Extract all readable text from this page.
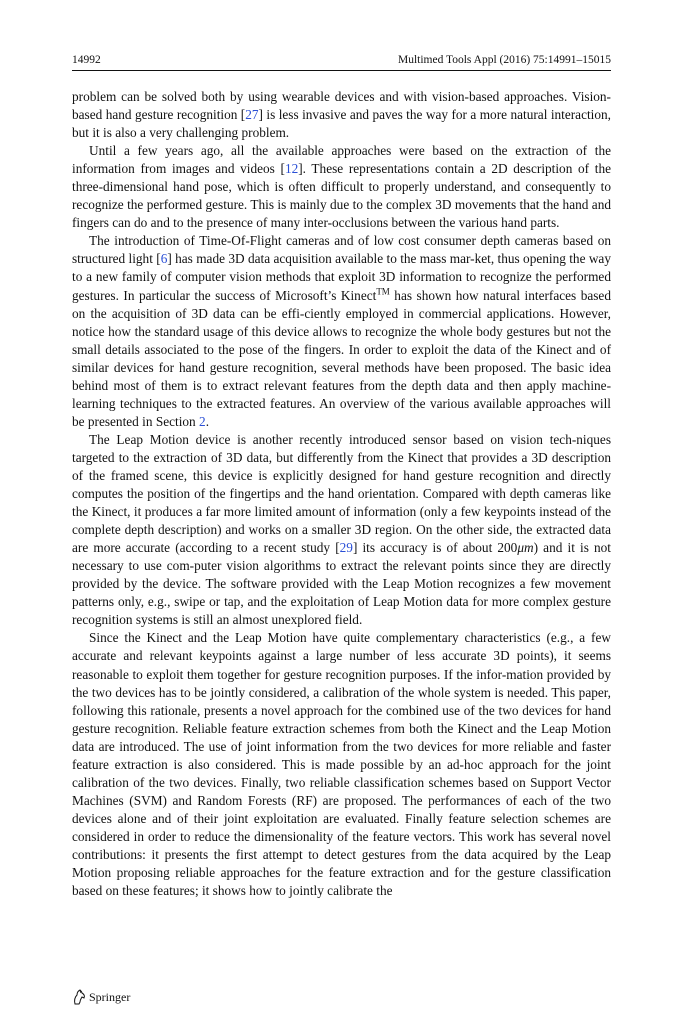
14992	Multimed Tools Appl (2016) 75:14991–15015

problem can be solved both by using wearable devices and with vision-based approaches. Vision-based hand gesture recognition [27] is less invasive and paves the way for a more natural interaction, but it is also a very challenging problem.

Until a few years ago, all the available approaches were based on the extraction of the information from images and videos [12]. These representations contain a 2D description of the three-dimensional hand pose, which is often difficult to properly understand, and consequently to recognize the performed gesture. This is mainly due to the complex 3D movements that the hand and fingers can do and to the presence of many inter-occlusions between the various hand parts.

The introduction of Time-Of-Flight cameras and of low cost consumer depth cameras based on structured light [6] has made 3D data acquisition available to the mass mar-ket, thus opening the way to a new family of computer vision methods that exploit 3D information to recognize the performed gestures. In particular the success of Microsoft’s Kinect™ has shown how natural interfaces based on the acquisition of 3D data can be effi-ciently employed in commercial applications. However, notice how the standard usage of this device allows to recognize the whole body gestures but not the small details associated to the pose of the fingers. In order to exploit the data of the Kinect and of similar devices for hand gesture recognition, several methods have been proposed. The basic idea behind most of them is to extract relevant features from the depth data and then apply machine-learning techniques to the extracted features. An overview of the various available approaches will be presented in Section 2.

The Leap Motion device is another recently introduced sensor based on vision tech-niques targeted to the extraction of 3D data, but differently from the Kinect that provides a 3D description of the framed scene, this device is explicitly designed for hand gesture recognition and directly computes the position of the fingertips and the hand orientation. Compared with depth cameras like the Kinect, it produces a far more limited amount of information (only a few keypoints instead of the complete depth description) and works on a smaller 3D region. On the other side, the extracted data are more accurate (according to a recent study [29] its accuracy is of about 200μm) and it is not necessary to use com-puter vision algorithms to extract the relevant points since they are directly provided by the device. The software provided with the Leap Motion recognizes a few movement patterns only, e.g., swipe or tap, and the exploitation of Leap Motion data for more complex gesture recognition systems is still an almost unexplored field.

Since the Kinect and the Leap Motion have quite complementary characteristics (e.g., a few accurate and relevant keypoints against a large number of less accurate 3D points), it seems reasonable to exploit them together for gesture recognition purposes. If the infor-mation provided by the two devices has to be jointly considered, a calibration of the whole system is needed. This paper, following this rationale, presents a novel approach for the combined use of the two devices for hand gesture recognition. Reliable feature extraction schemes from both the Kinect and the Leap Motion data are introduced. The use of joint information from the two devices for more reliable and faster feature extraction is also considered. This is made possible by an ad-hoc approach for the joint calibration of the two devices. Finally, two reliable classification schemes based on Support Vector Machines (SVM) and Random Forests (RF) are proposed. The performances of each of the two devices alone and of their joint exploitation are evaluated. Finally feature selection schemes are considered in order to reduce the dimensionality of the feature vectors. This work has several novel contributions: it presents the first attempt to detect gestures from the data acquired by the Leap Motion proposing reliable approaches for the feature extraction and for the gesture classification based on these features; it shows how to jointly calibrate the

Springer
